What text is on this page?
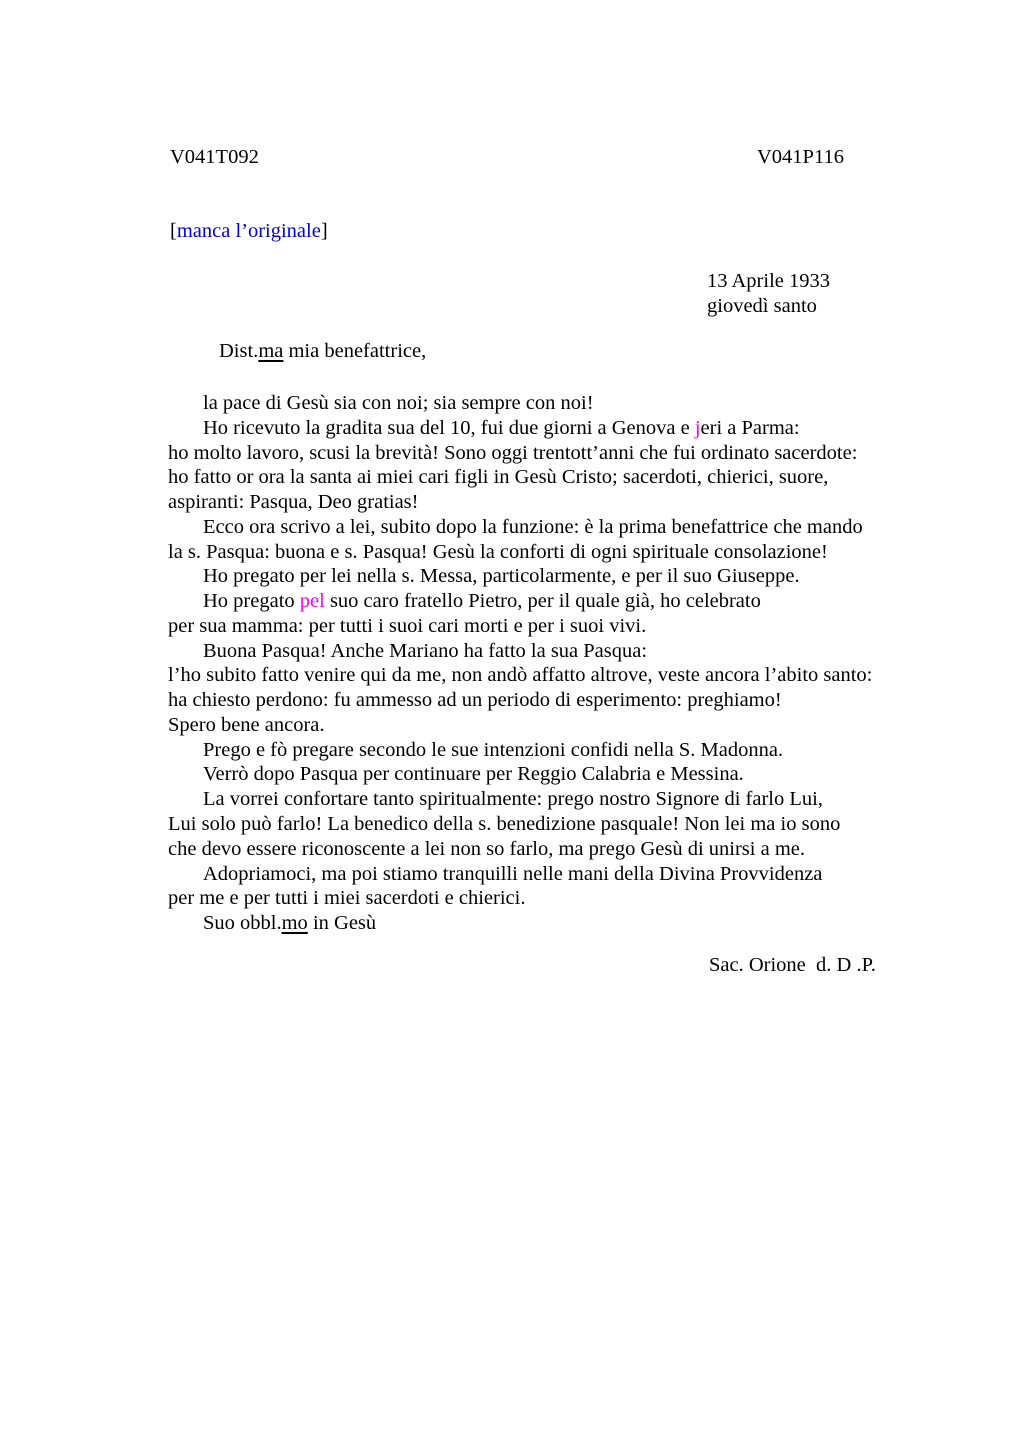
V041T092	V041P116
[manca l’originale]
13 Aprile 1933
giovedì santo
Dist.ma mia benefattrice,
la pace di Gesù sia con noi; sia sempre con noi!
Ho ricevuto la gradita sua del 10, fui due giorni a Genova e jeri a Parma:
ho molto lavoro, scusi la brevità! Sono oggi trentott’anni che fui ordinato sacerdote:
ho fatto or ora la santa ai miei cari figli in Gesù Cristo; sacerdoti, chierici, suore,
aspiranti: Pasqua, Deo gratias!
Ecco ora scrivo a lei, subito dopo la funzione: è la prima benefattrice che mando
la s. Pasqua: buona e s. Pasqua! Gesù la conforti di ogni spirituale consolazione!
Ho pregato per lei nella s. Messa, particolarmente, e per il suo Giuseppe.
Ho pregato pel suo caro fratello Pietro, per il quale già, ho celebrato
per sua mamma: per tutti i suoi cari morti e per i suoi vivi.
Buona Pasqua! Anche Mariano ha fatto la sua Pasqua:
l’ho subito fatto venire qui da me, non andò affatto altrove, veste ancora l’abito santo:
ha chiesto perdono: fu ammesso ad un periodo di esperimento: preghiamo!
Spero bene ancora.
Prego e fò pregare secondo le sue intenzioni confidi nella S. Madonna.
Verrò dopo Pasqua per continuare per Reggio Calabria e Messina.
La vorrei confortare tanto spiritualmente: prego nostro Signore di farlo Lui,
Lui solo può farlo! La benedico della s. benedizione pasquale! Non lei ma io sono
che devo essere riconoscente a lei non so farlo, ma prego Gesù di unirsi a me.
Adopriamoci, ma poi stiamo tranquilli nelle mani della Divina Provvidenza
per me e per tutti i miei sacerdoti e chierici.
Suo obbl.mo in Gesù
Sac. Orione  d. D .P.
